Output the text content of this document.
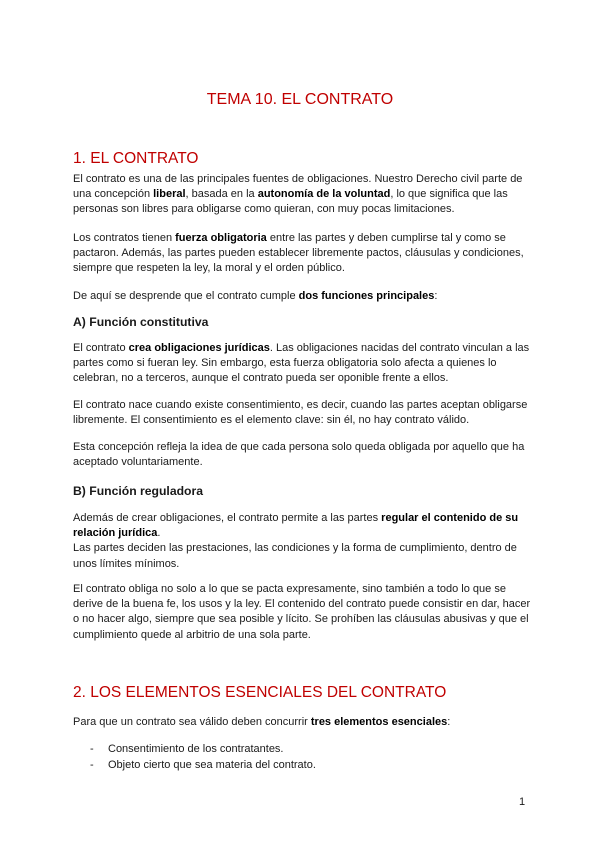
TEMA 10. EL CONTRATO
1. EL CONTRATO

El contrato es una de las principales fuentes de obligaciones. Nuestro Derecho civil parte de una concepción liberal, basada en la autonomía de la voluntad, lo que significa que las personas son libres para obligarse como quieran, con muy pocas limitaciones.

Los contratos tienen fuerza obligatoria entre las partes y deben cumplirse tal y como se pactaron. Además, las partes pueden establecer libremente pactos, cláusulas y condiciones, siempre que respeten la ley, la moral y el orden público.

De aquí se desprende que el contrato cumple dos funciones principales:

A) Función constitutiva

El contrato crea obligaciones jurídicas. Las obligaciones nacidas del contrato vinculan a las partes como si fueran ley. Sin embargo, esta fuerza obligatoria solo afecta a quienes lo celebran, no a terceros, aunque el contrato pueda ser oponible frente a ellos.

El contrato nace cuando existe consentimiento, es decir, cuando las partes aceptan obligarse libremente. El consentimiento es el elemento clave: sin él, no hay contrato válido.

Esta concepción refleja la idea de que cada persona solo queda obligada por aquello que ha aceptado voluntariamente.

B) Función reguladora

Además de crear obligaciones, el contrato permite a las partes regular el contenido de su relación jurídica.
Las partes deciden las prestaciones, las condiciones y la forma de cumplimiento, dentro de unos límites mínimos.

El contrato obliga no solo a lo que se pacta expresamente, sino también a todo lo que se derive de la buena fe, los usos y la ley. El contenido del contrato puede consistir en dar, hacer o no hacer algo, siempre que sea posible y lícito. Se prohíben las cláusulas abusivas y que el cumplimiento quede al arbitrio de una sola parte.

2. LOS ELEMENTOS ESENCIALES DEL CONTRATO

Para que un contrato sea válido deben concurrir tres elementos esenciales:

- Consentimiento de los contratantes.
- Objeto cierto que sea materia del contrato.
1
